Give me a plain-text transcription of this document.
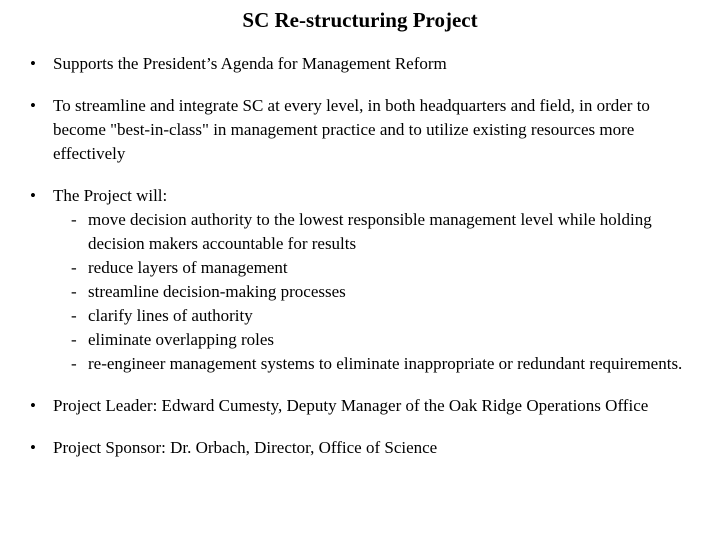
SC Re-structuring Project
• Supports the President’s Agenda for Management Reform
• To streamline and integrate SC at every level, in both headquarters and field, in order to become "best-in-class" in management practice and to utilize existing resources more effectively
• The Project will:
- move decision authority to the lowest responsible management level while holding decision makers accountable for results
- reduce layers of management
- streamline decision-making processes
- clarify lines of authority
- eliminate overlapping roles
- re-engineer management systems to eliminate inappropriate or redundant requirements.
• Project Leader: Edward Cumesty, Deputy Manager of the Oak Ridge Operations Office
• Project Sponsor: Dr. Orbach, Director, Office of Science
